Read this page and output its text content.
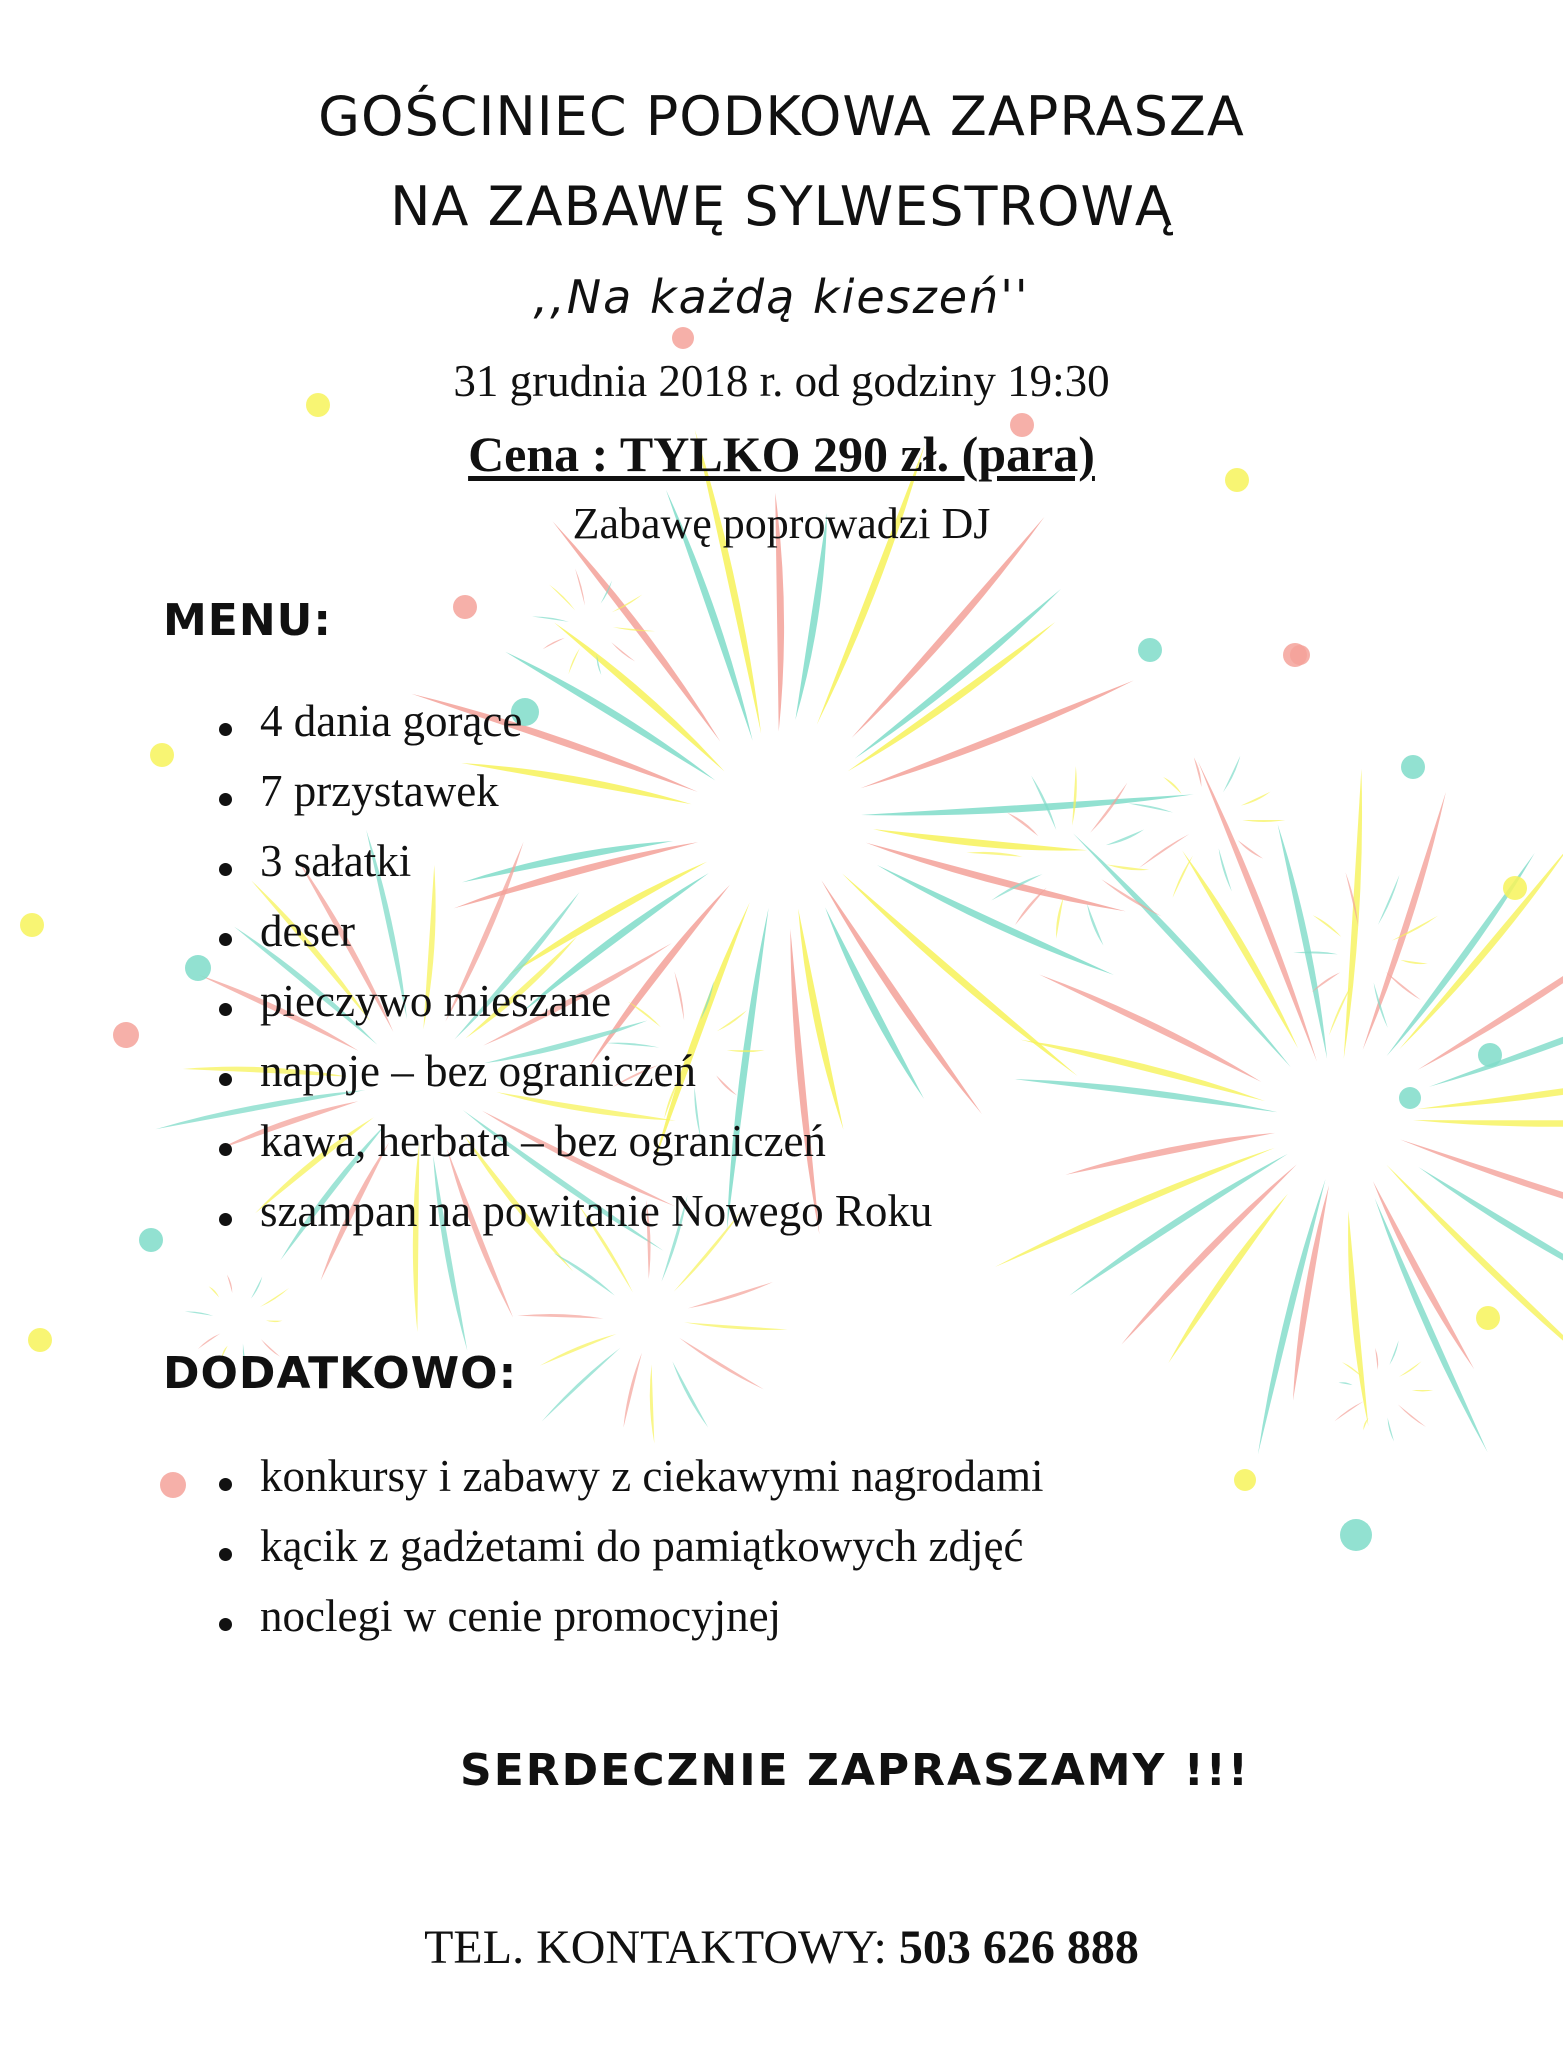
GOŚCINIEC PODKOWA ZAPRASZA
NA ZABAWĘ SYLWESTROWĄ
,,Na każdą kieszeń''
31 grudnia 2018 r. od godziny 19:30
Cena : TYLKO 290 zł. (para)
Zabawę poprowadzi DJ
MENU:
4 dania gorące
7 przystawek
3 sałatki
deser
pieczywo mieszane
napoje – bez ograniczeń
kawa, herbata – bez ograniczeń
szampan na powitanie Nowego Roku
DODATKOWO:
konkursy i zabawy z ciekawymi nagrodami
kącik z gadżetami do pamiątkowych zdjęć
noclegi w cenie promocyjnej
SERDECZNIE ZAPRASZAMY !!!
TEL. KONTAKTOWY: 503 626 888
